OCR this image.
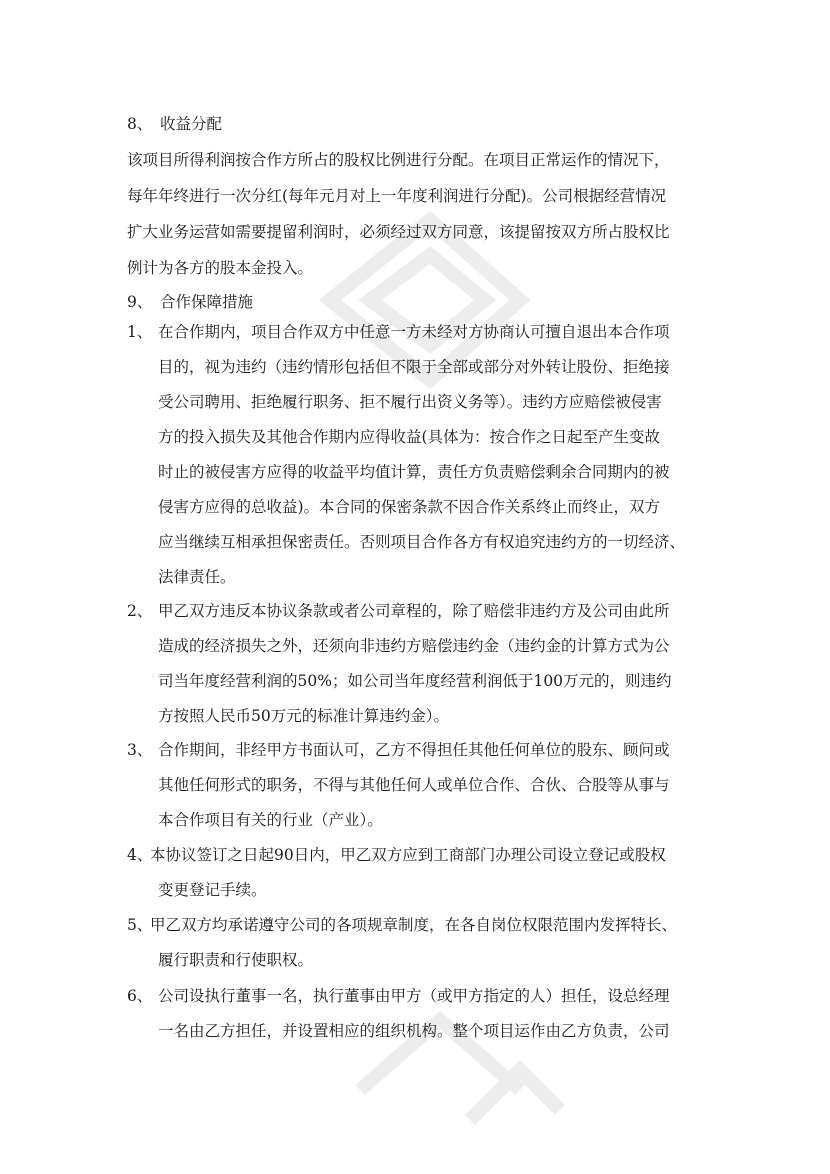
8、 收益分配
该项目所得利润按合作方所占的股权比例进行分配。在项目正常运作的情况下，
每年年终进行一次分红(每年元月对上一年度利润进行分配)。公司根据经营情况
扩大业务运营如需要提留利润时，必须经过双方同意，该提留按双方所占股权比
例计为各方的股本金投入。
9、 合作保障措施
1、 在合作期内，项目合作双方中任意一方未经对方协商认可擅自退出本合作项
目的，视为违约（违约情形包括但不限于全部或部分对外转让股份、拒绝接
受公司聘用、拒绝履行职务、拒不履行出资义务等）。违约方应赔偿被侵害
方的投入损失及其他合作期内应得收益(具体为：按合作之日起至产生变故
时止的被侵害方应得的收益平均值计算，责任方负责赔偿剩余合同期内的被
侵害方应得的总收益)。本合同的保密条款不因合作关系终止而终止，双方
应当继续互相承担保密责任。否则项目合作各方有权追究违约方的一切经济、
法律责任。
2、 甲乙双方违反本协议条款或者公司章程的，除了赔偿非违约方及公司由此所
造成的经济损失之外，还须向非违约方赔偿违约金（违约金的计算方式为公
司当年度经营利润的50%；如公司当年度经营利润低于100万元的，则违约
方按照人民币50万元的标准计算违约金）。
3、 合作期间，非经甲方书面认可，乙方不得担任其他任何单位的股东、顾问或
其他任何形式的职务，不得与其他任何人或单位合作、合伙、合股等从事与
本合作项目有关的行业（产业）。
4、
本协议签订之日起90日内，甲乙双方应到工商部门办理公司设立登记或股权
变更登记手续。
5、
甲乙双方均承诺遵守公司的各项规章制度，在各自岗位权限范围内发挥特长、
履行职责和行使职权。
6、 公司设执行董事一名，执行董事由甲方（或甲方指定的人）担任，设总经理
一名由乙方担任，并设置相应的组织机构。整个项目运作由乙方负责，公司
